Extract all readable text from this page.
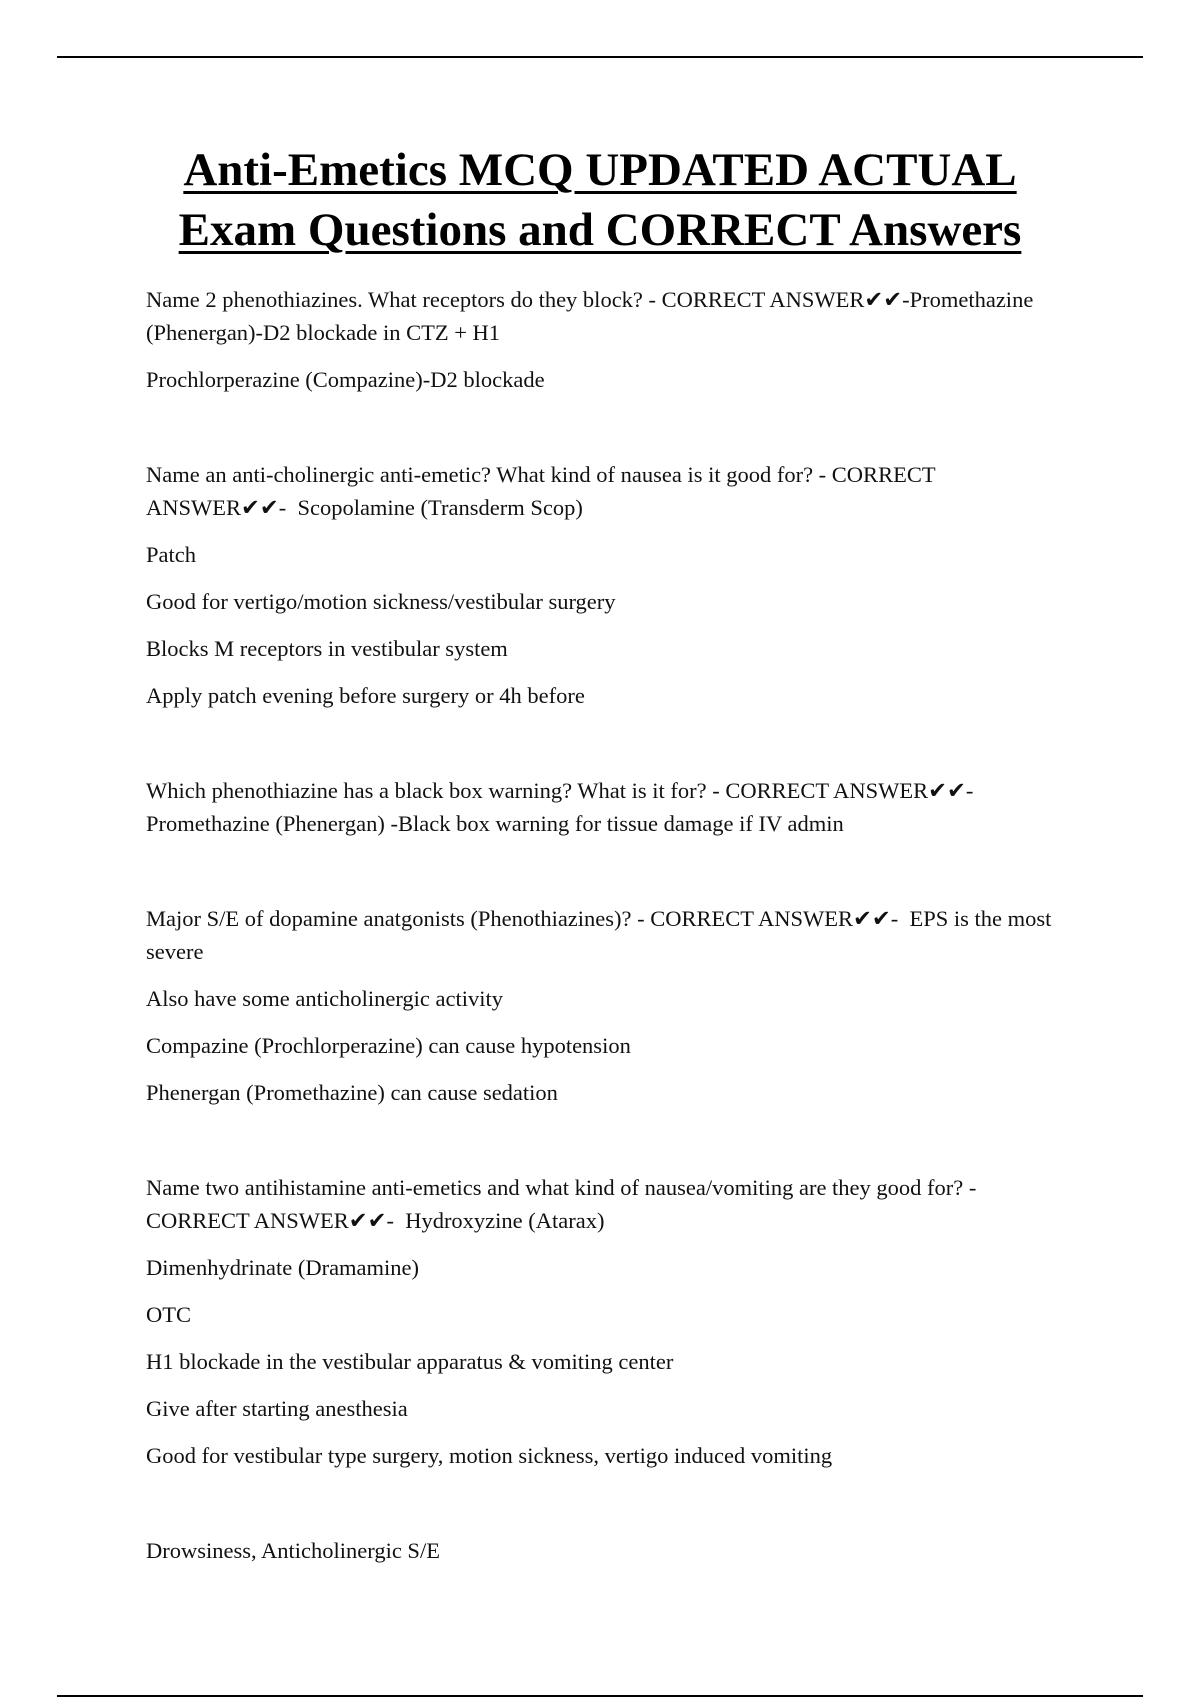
Anti-Emetics MCQ UPDATED ACTUAL
Exam Questions and CORRECT Answers

Name 2 phenothiazines. What receptors do they block? - CORRECT ANSWER✔✔-Promethazine (Phenergan)-D2 blockade in CTZ + H1

Prochlorperazine (Compazine)-D2 blockade

Name an anti-cholinergic anti-emetic? What kind of nausea is it good for? - CORRECT ANSWER✔✔-  Scopolamine (Transderm Scop)

Patch

Good for vertigo/motion sickness/vestibular surgery

Blocks M receptors in vestibular system

Apply patch evening before surgery or 4h before

Which phenothiazine has a black box warning? What is it for? - CORRECT ANSWER✔✔-Promethazine (Phenergan) -Black box warning for tissue damage if IV admin

Major S/E of dopamine anatgonists (Phenothiazines)? - CORRECT ANSWER✔✔-  EPS is the most severe

Also have some anticholinergic activity

Compazine (Prochlorperazine) can cause hypotension

Phenergan (Promethazine) can cause sedation

Name two antihistamine anti-emetics and what kind of nausea/vomiting are they good for? - CORRECT ANSWER✔✔-  Hydroxyzine (Atarax)

Dimenhydrinate (Dramamine)

OTC

H1 blockade in the vestibular apparatus & vomiting center

Give after starting anesthesia

Good for vestibular type surgery, motion sickness, vertigo induced vomiting

Drowsiness, Anticholinergic S/E
